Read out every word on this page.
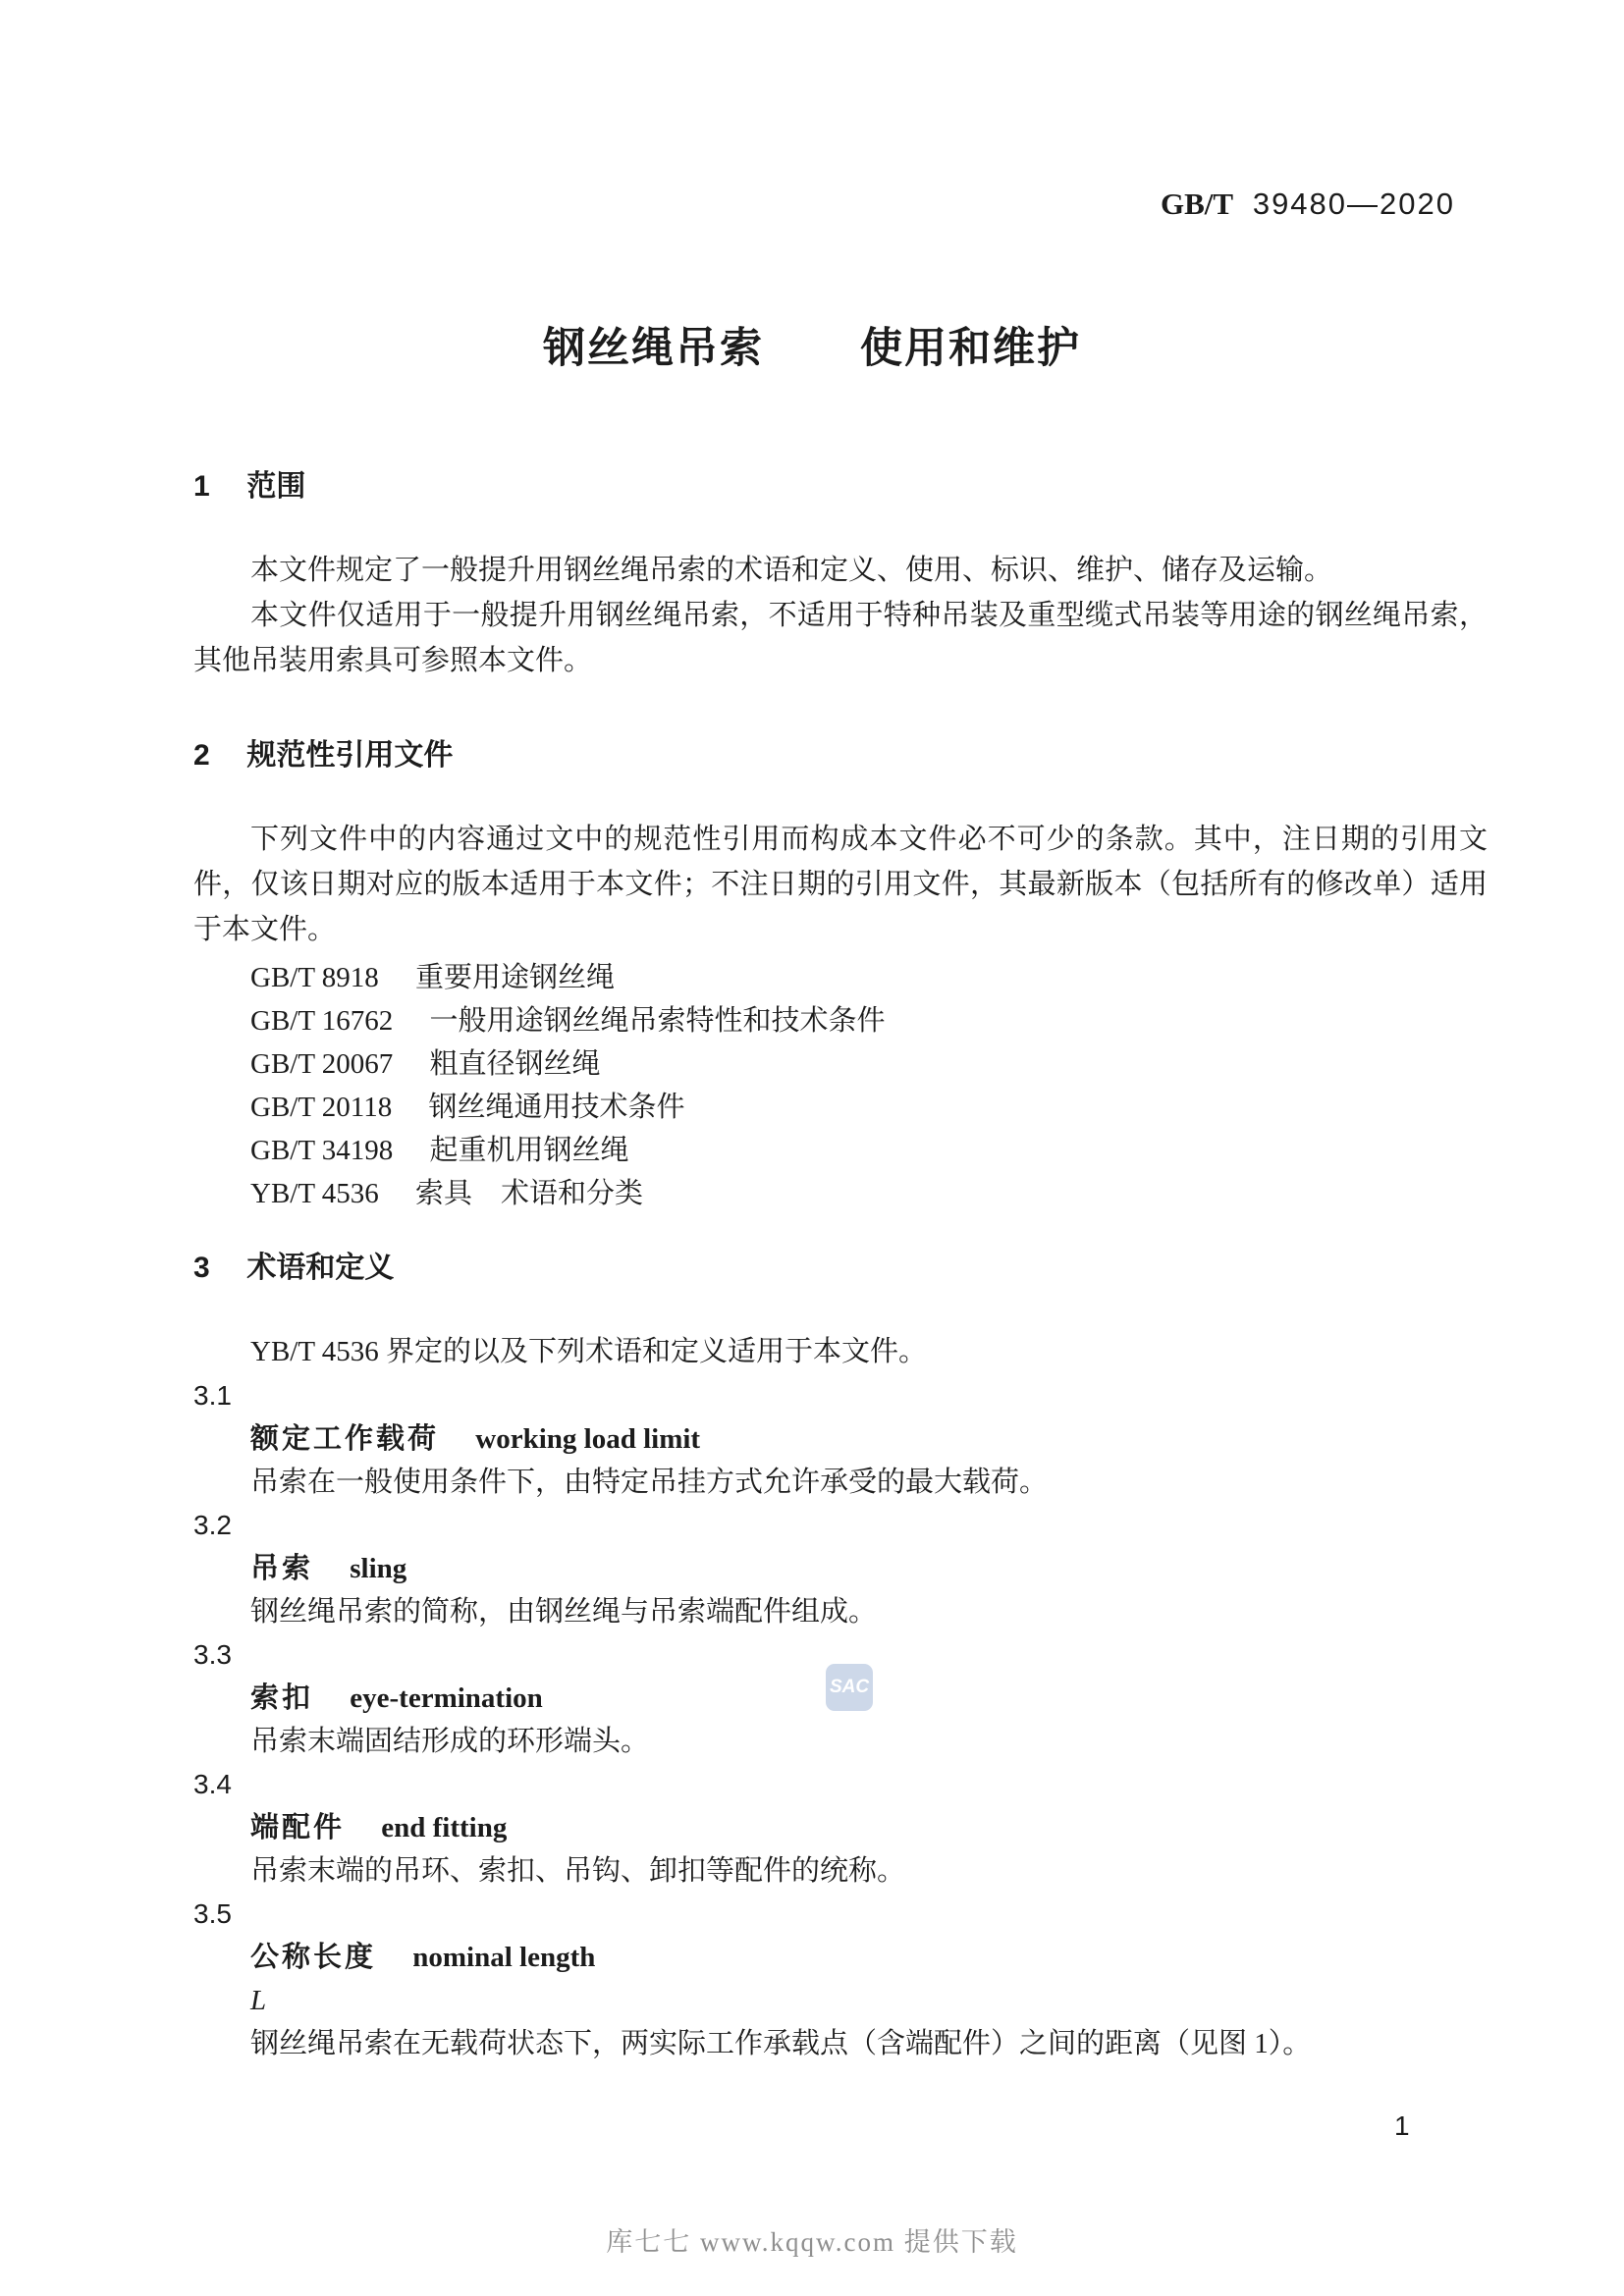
GB/T 39480—2020
钢丝绳吊索 使用和维护
1 范围

本文件规定了一般提升用钢丝绳吊索的术语和定义、使用、标识、维护、储存及运输。

本文件仅适用于一般提升用钢丝绳吊索，不适用于特种吊装及重型缆式吊装等用途的钢丝绳吊索，其他吊装用索具可参照本文件。

2 规范性引用文件

下列文件中的内容通过文中的规范性引用而构成本文件必不可少的条款。其中，注日期的引用文件，仅该日期对应的版本适用于本文件；不注日期的引用文件，其最新版本（包括所有的修改单）适用于本文件。

GB/T 8918 重要用途钢丝绳
GB/T 16762 一般用途钢丝绳吊索特性和技术条件
GB/T 20067 粗直径钢丝绳
GB/T 20118 钢丝绳通用技术条件
GB/T 34198 起重机用钢丝绳
YB/T 4536 索具　术语和分类
3 术语和定义

YB/T 4536 界定的以及下列术语和定义适用于本文件。

3.1
额定工作载荷 working load limit
吊索在一般使用条件下，由特定吊挂方式允许承受的最大载荷。
3.2
吊索 sling
钢丝绳吊索的简称，由钢丝绳与吊索端配件组成。
3.3
索扣 eye-termination
吊索末端固结形成的环形端头。
3.4
端配件 end fitting
吊索末端的吊环、索扣、吊钩、卸扣等配件的统称。
3.5
公称长度 nominal length
L
钢丝绳吊索在无载荷状态下，两实际工作承载点（含端配件）之间的距离（见图 1）。
SAC
1
库七七 www.kqqw.com 提供下载
